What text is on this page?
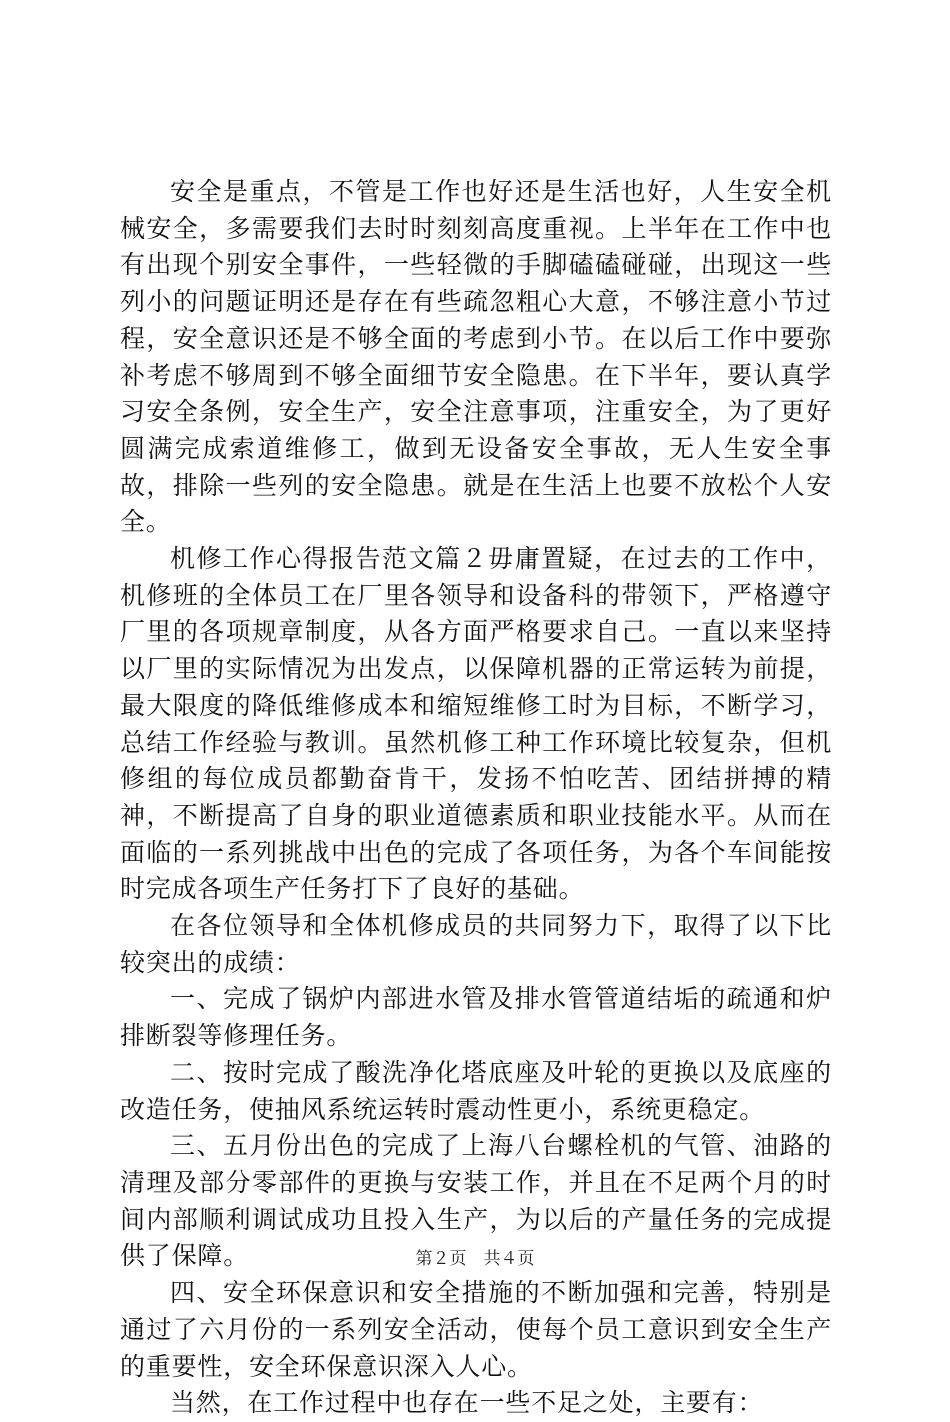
安全是重点，不管是工作也好还是生活也好，人生安全机械安全，多需要我们去时时刻刻高度重视。上半年在工作中也有出现个别安全事件，一些轻微的手脚磕磕碰碰，出现这一些列小的问题证明还是存在有些疏忽粗心大意，不够注意小节过程，安全意识还是不够全面的考虑到小节。在以后工作中要弥补考虑不够周到不够全面细节安全隐患。在下半年，要认真学习安全条例，安全生产，安全注意事项，注重安全，为了更好圆满完成索道维修工，做到无设备安全事故，无人生安全事故，排除一些列的安全隐患。就是在生活上也要不放松个人安全。

机修工作心得报告范文篇２毋庸置疑，在过去的工作中，机修班的全体员工在厂里各领导和设备科的带领下，严格遵守厂里的各项规章制度，从各方面严格要求自己。一直以来坚持以厂里的实际情况为出发点，以保障机器的正常运转为前提，最大限度的降低维修成本和缩短维修工时为目标，不断学习，总结工作经验与教训。虽然机修工种工作环境比较复杂，但机修组的每位成员都勤奋肯干，发扬不怕吃苦、团结拼搏的精神，不断提高了自身的职业道德素质和职业技能水平。从而在面临的一系列挑战中出色的完成了各项任务，为各个车间能按时完成各项生产任务打下了良好的基础。

在各位领导和全体机修成员的共同努力下，取得了以下比较突出的成绩：

一、完成了锅炉内部进水管及排水管管道结垢的疏通和炉排断裂等修理任务。

二、按时完成了酸洗净化塔底座及叶轮的更换以及底座的改造任务，使抽风系统运转时震动性更小，系统更稳定。

三、五月份出色的完成了上海八台螺栓机的气管、油路的清理及部分零部件的更换与安装工作，并且在不足两个月的时间内部顺利调试成功且投入生产，为以后的产量任务的完成提供了保障。

四、安全环保意识和安全措施的不断加强和完善，特别是通过了六月份的一系列安全活动，使每个员工意识到安全生产的重要性，安全环保意识深入人心。

当然，在工作过程中也存在一些不足之处，主要有：

第２页　共４页
